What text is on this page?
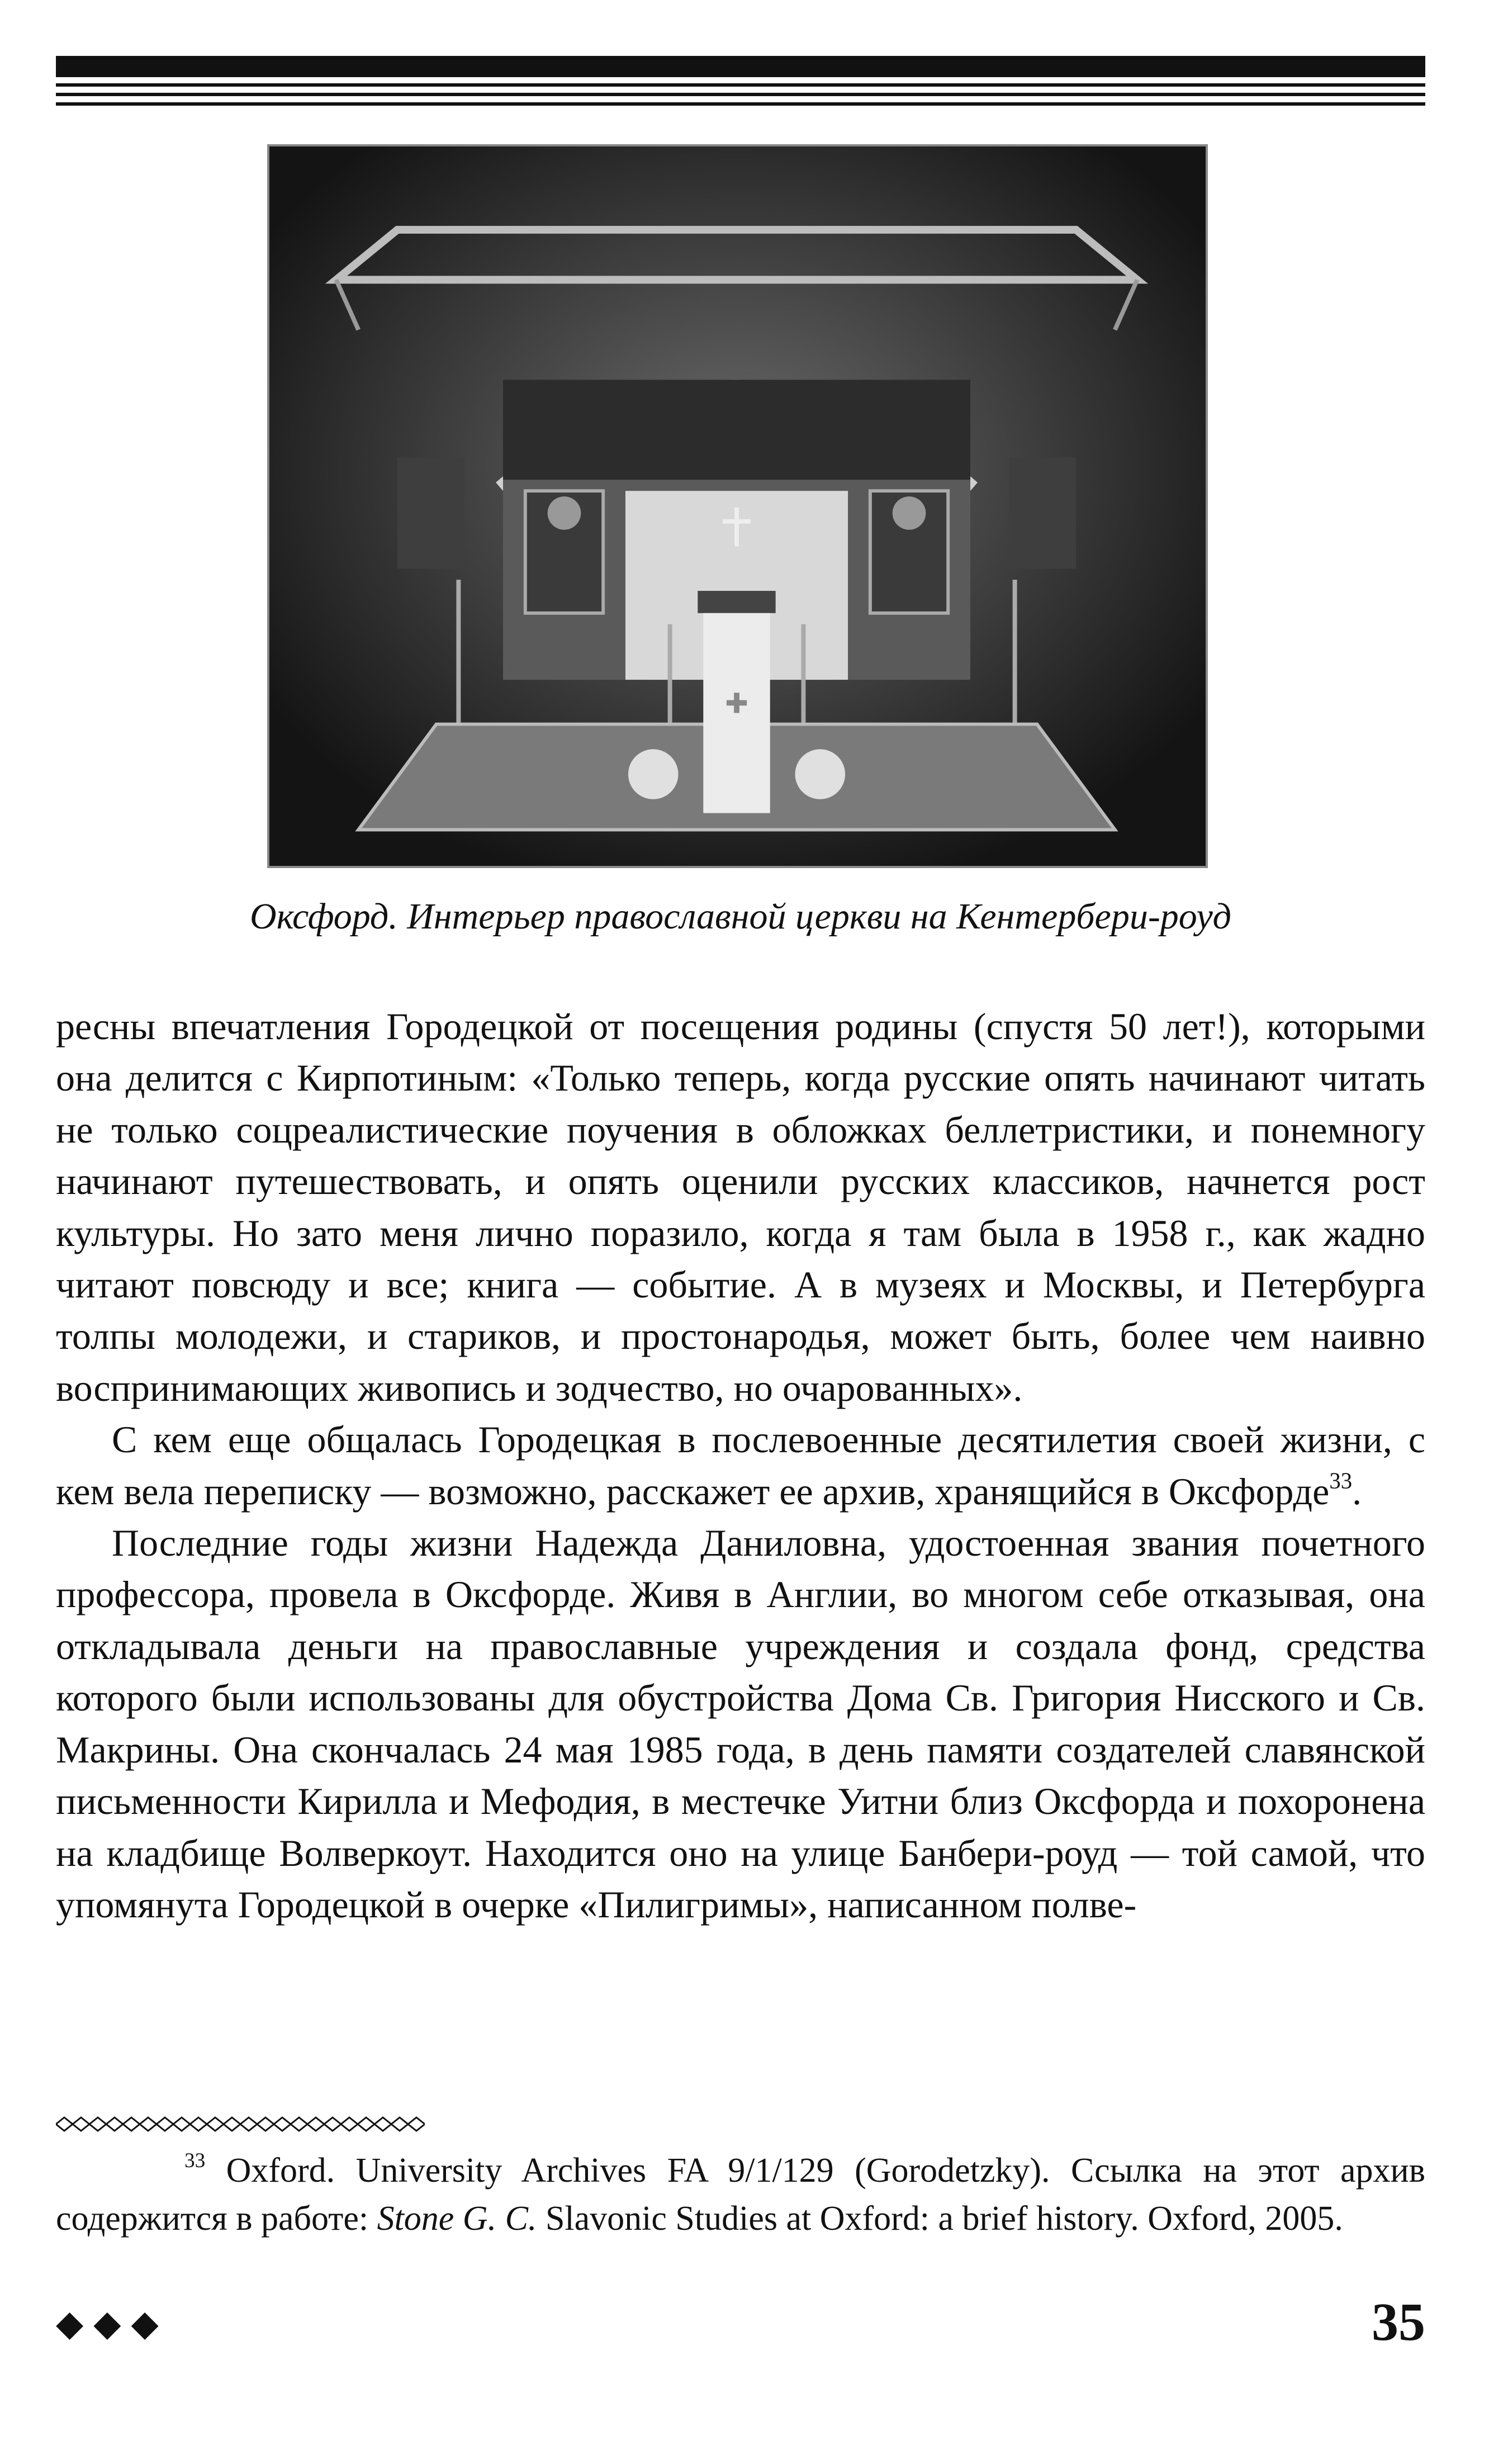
✚
Оксфорд. Интерьер православной церкви на Кентербери-роуд

ресны впечатления Городецкой от посещения родины (спустя 50 лет!), которыми она делится с Кирпотиным: «Только теперь, когда русские опять начинают читать не только соцреалистические поучения в обложках беллетристики, и понемногу начинают путешествовать, и опять оценили русских классиков, начнется рост культуры. Но зато меня лично поразило, когда я там была в 1958 г., как жадно читают повсюду и все; книга — событие. А в музеях и Москвы, и Петербурга толпы молодежи, и стариков, и простонародья, может быть, более чем наивно воспринимающих живопись и зодчество, но очарованных».

С кем еще общалась Городецкая в послевоенные десятилетия своей жизни, с кем вела переписку — возможно, расскажет ее архив, хранящийся в Оксфорде$^{33}$.

Последние годы жизни Надежда Даниловна, удостоенная звания почетного профессора, провела в Оксфорде. Живя в Англии, во многом себе отказывая, она откладывала деньги на православные учреждения и создала фонд, средства которого были использованы для обустройства Дома Св. Григория Нисского и Св. Макрины. Она скончалась 24 мая 1985 года, в день памяти создателей славянской письменности Кирилла и Мефодия, в местечке Уитни близ Оксфорда и похоронена на кладбище Волверкоут. Находится оно на улице Банбери-роуд — той самой, что упомянута Городецкой в очерке «Пилигримы», написанном полве-

$^{33}$ Oxford. University Archives FA 9/1/129 (Gorodetzky). Ссылка на этот архив содержится в работе: Stone G. C. Slavonic Studies at Oxford: a brief history. Oxford, 2005.

◆◆◆	35
